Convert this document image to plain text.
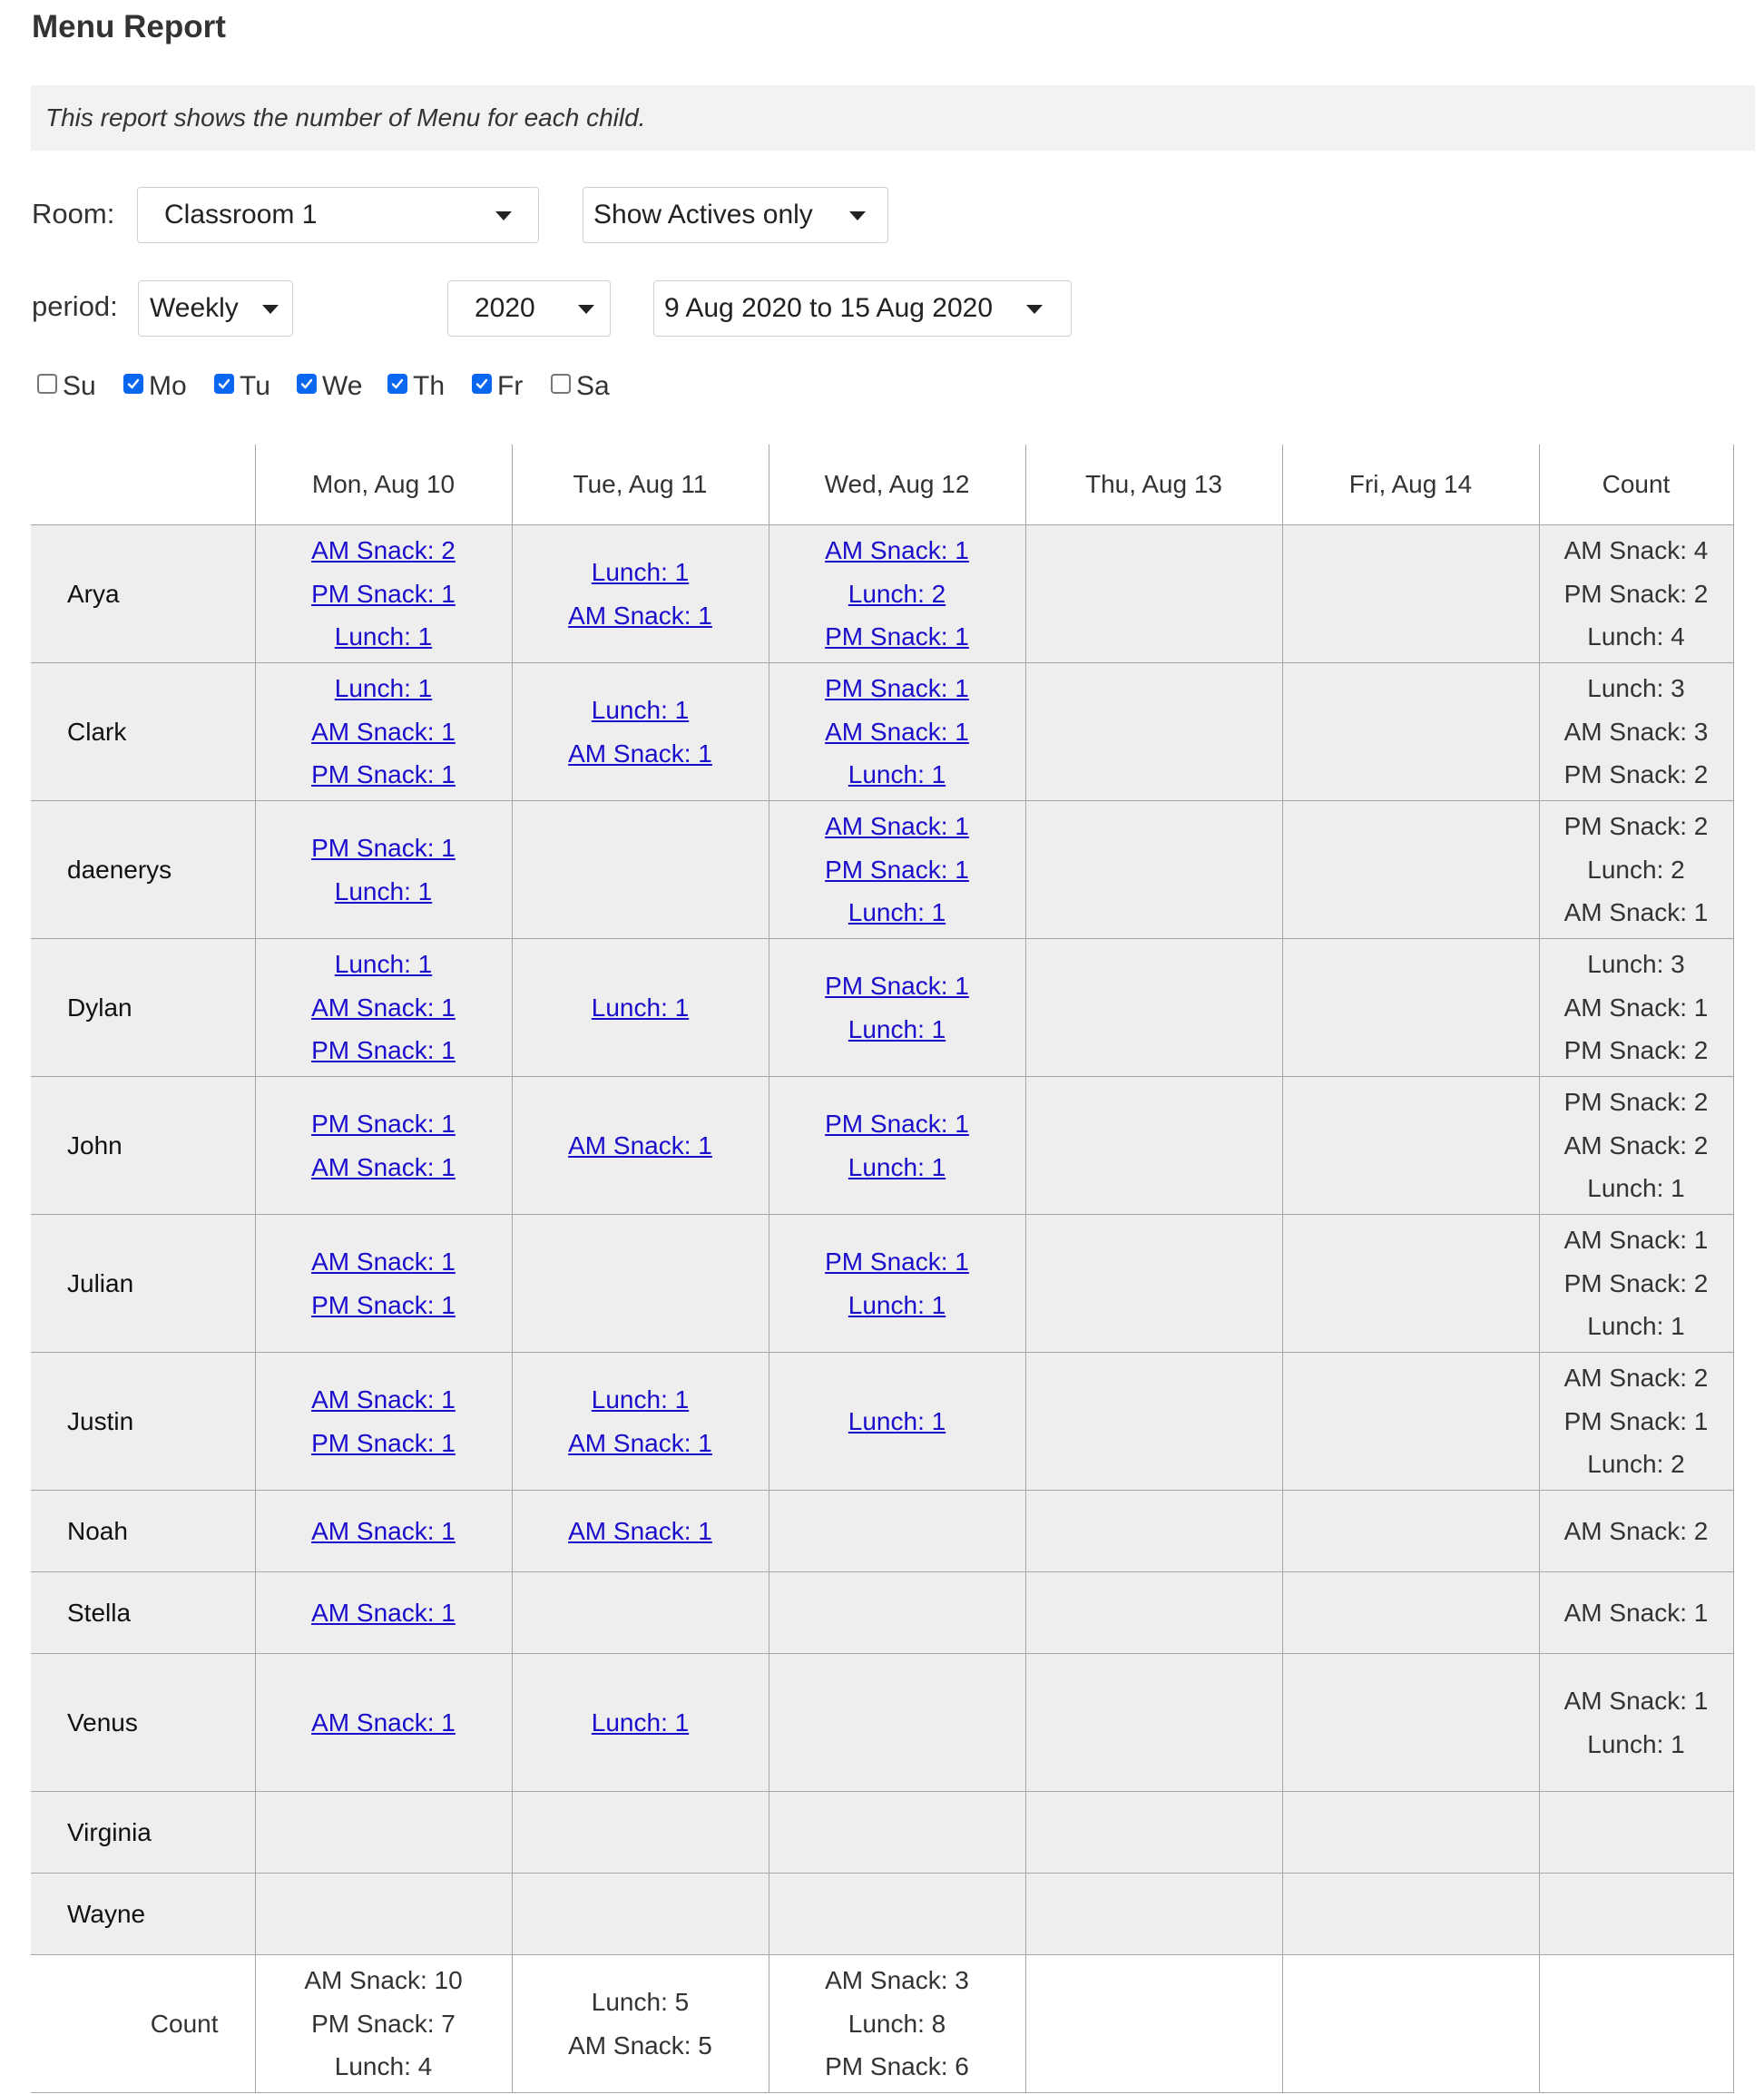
Menu Report
This report shows the number of Menu for each child.
Room: Classroom 1	Show Actives only
period: Weekly	2020	9 Aug 2020 to 15 Aug 2020
Su Mo Tu We Th Fr Sa
	Mon, Aug 10	Tue, Aug 11	Wed, Aug 12	Thu, Aug 13	Fri, Aug 14	Count
Arya	AM Snack: 2
PM Snack: 1
Lunch: 1	Lunch: 1
AM Snack: 1	AM Snack: 1
Lunch: 2
PM Snack: 1			AM Snack: 4
PM Snack: 2
Lunch: 4

Clark	Lunch: 1
AM Snack: 1
PM Snack: 1	Lunch: 1
AM Snack: 1	PM Snack: 1
AM Snack: 1
Lunch: 1			Lunch: 3
AM Snack: 3
PM Snack: 2

daenerys	PM Snack: 1
Lunch: 1		AM Snack: 1
PM Snack: 1
Lunch: 1			PM Snack: 2
Lunch: 2
AM Snack: 1

Dylan	Lunch: 1
AM Snack: 1
PM Snack: 1	Lunch: 1	PM Snack: 1
Lunch: 1			Lunch: 3
AM Snack: 1
PM Snack: 2

John	PM Snack: 1
AM Snack: 1	AM Snack: 1	PM Snack: 1
Lunch: 1			PM Snack: 2
AM Snack: 2
Lunch: 1

Julian	AM Snack: 1
PM Snack: 1		PM Snack: 1
Lunch: 1			AM Snack: 1
PM Snack: 2
Lunch: 1

Justin	AM Snack: 1
PM Snack: 1	Lunch: 1
AM Snack: 1	Lunch: 1			AM Snack: 2
PM Snack: 1
Lunch: 2

Noah	AM Snack: 1	AM Snack: 1				AM Snack: 2

Stella	AM Snack: 1					AM Snack: 1

Venus	AM Snack: 1	Lunch: 1				AM Snack: 1
Lunch: 1

Virginia						
Wayne						
Count	AM Snack: 10
PM Snack: 7
Lunch: 4	Lunch: 5
AM Snack: 5	AM Snack: 3
Lunch: 8
PM Snack: 6			
